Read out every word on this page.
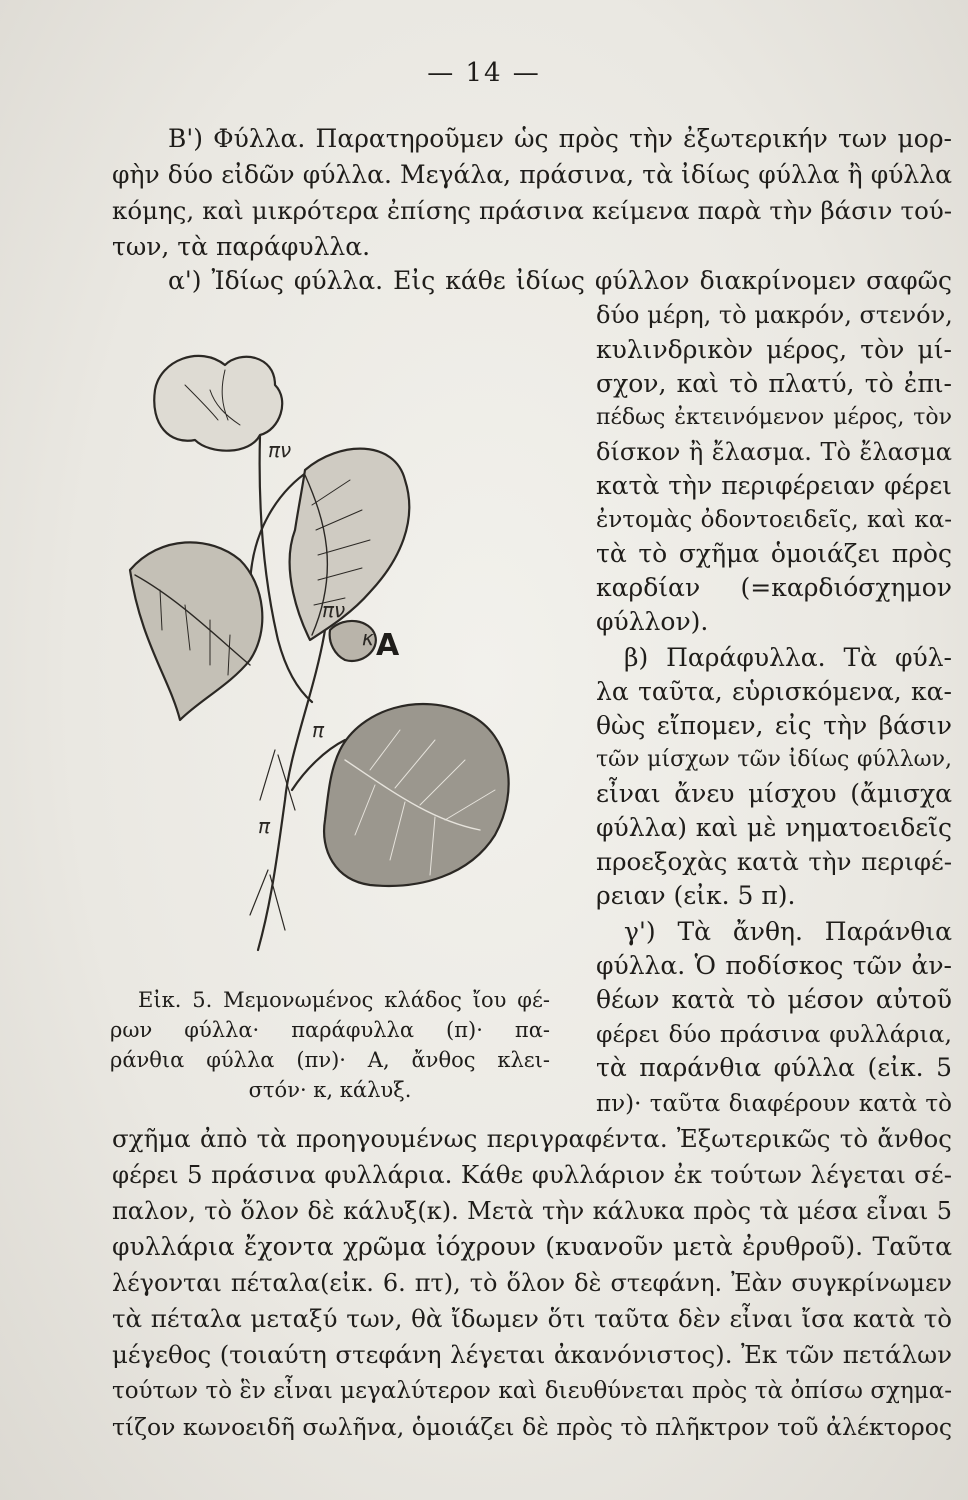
— 14 —
B') Φύλλα. Παρατηροῦμεν ὡς πρὸς τὴν ἐξωτερικήν των μορ-
φὴν δύο εἰδῶν φύλλα. Μεγάλα, πράσινα, τὰ ἰδίως φύλλα ἢ φύλλα
κόμης, καὶ μικρότερα ἐπίσης πράσινα κείμενα παρὰ τὴν βάσιν τού-
των, τὰ παράφυλλα.
α') Ἰδίως φύλλα. Εἰς κάθε ἰδίως φύλλον διακρίνομεν σαφῶς
δύο μέρη, τὸ μακρόν, στενόν,
κυλινδρικὸν μέρος, τὸν μί-
σχον, καὶ τὸ πλατύ, τὸ ἐπι-
πέδως ἐκτεινόμενον μέρος, τὸν
δίσκον ἢ ἔλασμα. Τὸ ἔλασμα
κατὰ τὴν περιφέρειαν φέρει
ἐντομὰς ὀδοντοειδεῖς, καὶ κα-
τὰ τὸ σχῆμα ὁμοιάζει πρὸς
καρδίαν (=καρδιόσχημον
φύλλον).
β) Παράφυλλα. Τὰ φύλ-
λα ταῦτα, εὑρισκόμενα, κα-
θὼς εἴπομεν, εἰς τὴν βάσιν
τῶν μίσχων τῶν ἰδίως φύλλων,
εἶναι ἄνευ μίσχου (ἄμισχα
φύλλα) καὶ μὲ νηματοειδεῖς
προεξοχὰς κατὰ τὴν περιφέ-
ρειαν (εἰκ. 5 π).
γ') Τὰ ἄνθη. Παράνθια
φύλλα. Ὁ ποδίσκος τῶν ἀν-
θέων κατὰ τὸ μέσον αὐτοῦ
φέρει δύο πράσινα φυλλάρια,
τὰ παράνθια φύλλα (εἰκ. 5
πν)· ταῦτα διαφέρουν κατὰ τὸ
πν
πν
κ
π
π
Α
Εἰκ. 5. Μεμονωμένος κλάδος ἴου φέ-
ρων φύλλα· παράφυλλα (π)· πα-
ράνθια φύλλα (πν)· Α, ἄνθος κλει-
στόν· κ, κάλυξ.
σχῆμα ἀπὸ τὰ προηγουμένως περιγραφέντα. Ἐξωτερικῶς τὸ ἄνθος
φέρει 5 πράσινα φυλλάρια. Κάθε φυλλάριον ἐκ τούτων λέγεται σέ-
παλον, τὸ ὅλον δὲ κάλυξ(κ). Μετὰ τὴν κάλυκα πρὸς τὰ μέσα εἶναι 5
φυλλάρια ἔχοντα χρῶμα ἰόχρουν (κυανοῦν μετὰ ἐρυθροῦ). Ταῦτα
λέγονται πέταλα(εἰκ. 6. πτ), τὸ ὅλον δὲ στεφάνη. Ἐὰν συγκρίνωμεν
τὰ πέταλα μεταξύ των, θὰ ἴδωμεν ὅτι ταῦτα δὲν εἶναι ἴσα κατὰ τὸ
μέγεθος (τοιαύτη στεφάνη λέγεται ἀκανόνιστος). Ἐκ τῶν πετάλων
τούτων τὸ ἓν εἶναι μεγαλύτερον καὶ διευθύνεται πρὸς τὰ ὀπίσω σχημα-
τίζον κωνοειδῆ σωλῆνα, ὁμοιάζει δὲ πρὸς τὸ πλῆκτρον τοῦ ἀλέκτορος
